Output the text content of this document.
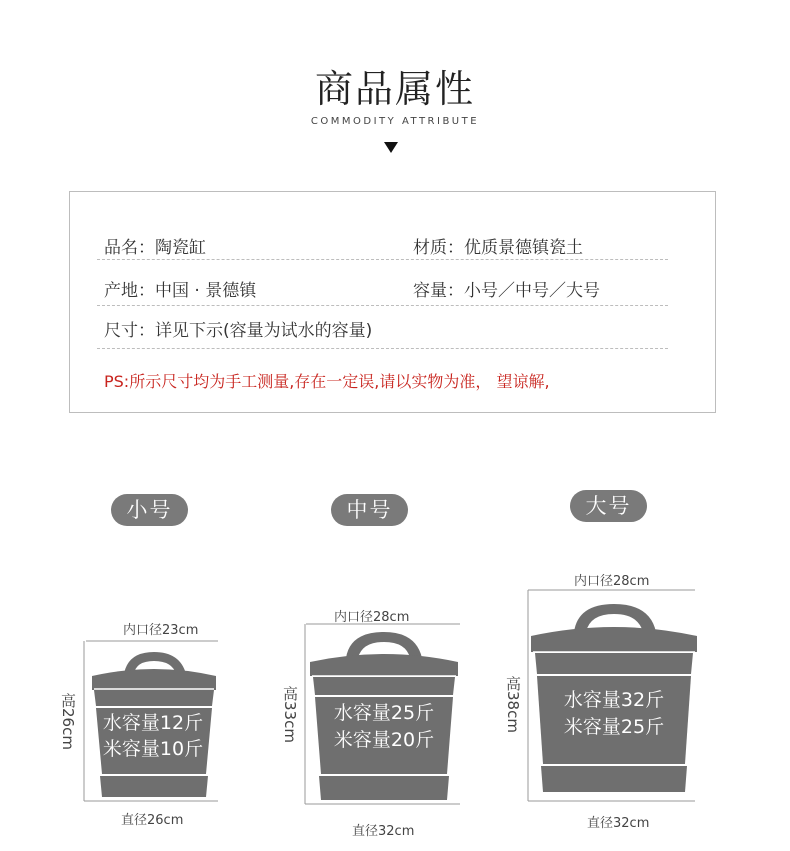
商品属性
COMMODITY ATTRIBUTE
品名：陶瓷缸	材质：优质景德镇瓷土
产地：中国 · 景德镇	容量：小号／中号／大号
尺寸：详见下示(容量为试水的容量)
PS:所示尺寸均为手工测量,存在一定误,请以实物为准， 望谅解,
小号	中号	大号
内口径23cm
高26cm
直径26cm
水容量12斤
米容量10斤
内口径28cm
高33cm
直径32cm
水容量25斤
米容量20斤
内口径28cm
高38cm
直径32cm
水容量32斤
米容量25斤
